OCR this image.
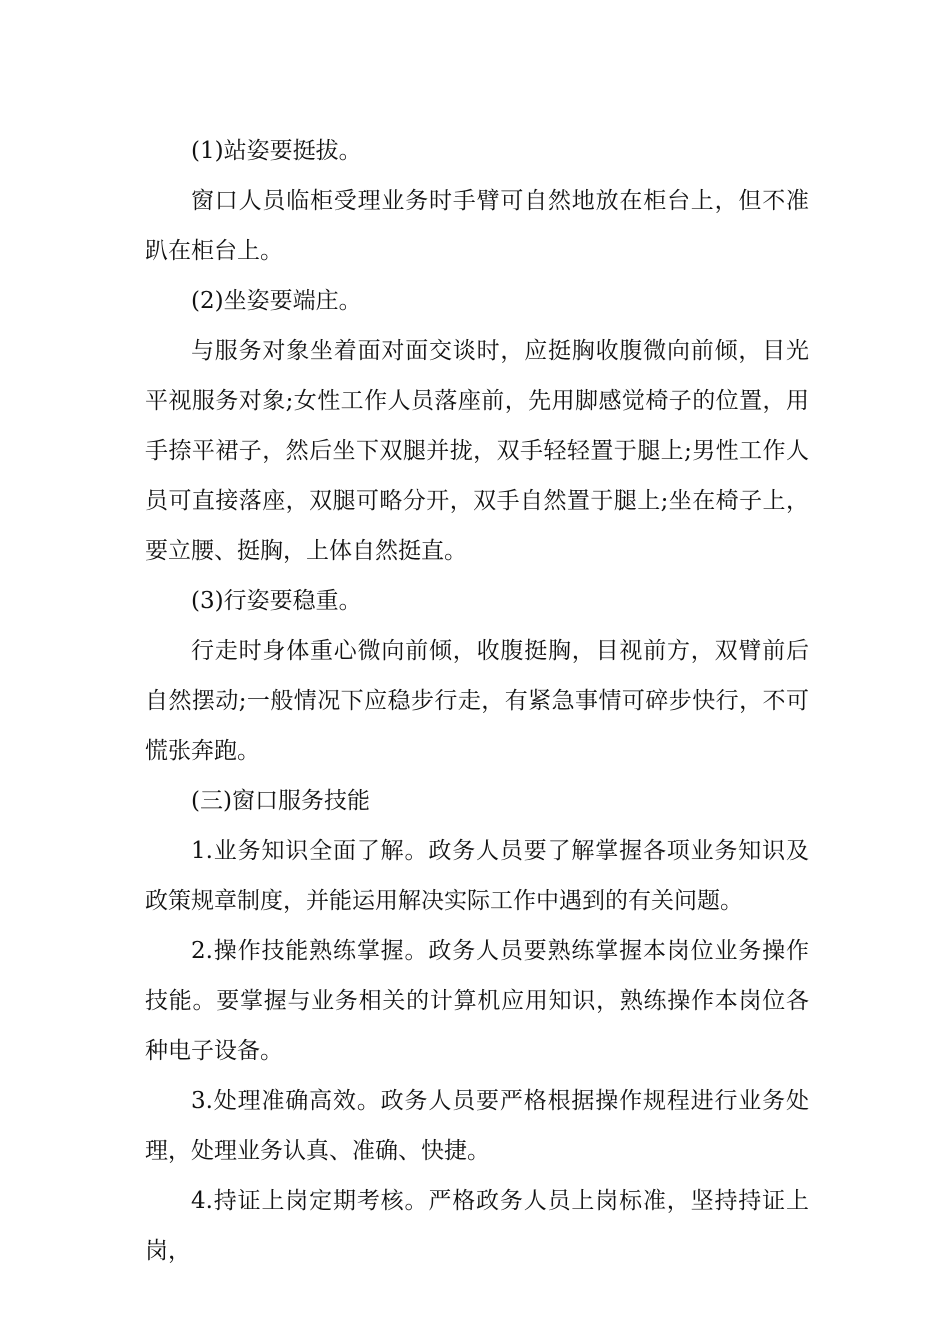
(1)站姿要挺拔。

窗口人员临柜受理业务时手臂可自然地放在柜台上，但不准趴在柜台上。

(2)坐姿要端庄。

与服务对象坐着面对面交谈时，应挺胸收腹微向前倾，目光平视服务对象;女性工作人员落座前，先用脚感觉椅子的位置，用手捺平裙子，然后坐下双腿并拢，双手轻轻置于腿上;男性工作人员可直接落座，双腿可略分开，双手自然置于腿上;坐在椅子上，要立腰、挺胸，上体自然挺直。

(3)行姿要稳重。

行走时身体重心微向前倾，收腹挺胸，目视前方，双臂前后自然摆动;一般情况下应稳步行走，有紧急事情可碎步快行，不可慌张奔跑。

(三)窗口服务技能

1.业务知识全面了解。政务人员要了解掌握各项业务知识及政策规章制度，并能运用解决实际工作中遇到的有关问题。

2.操作技能熟练掌握。政务人员要熟练掌握本岗位业务操作技能。要掌握与业务相关的计算机应用知识，熟练操作本岗位各种电子设备。

3.处理准确高效。政务人员要严格根据操作规程进行业务处理，处理业务认真、准确、快捷。

4.持证上岗定期考核。严格政务人员上岗标准，坚持持证上岗，
